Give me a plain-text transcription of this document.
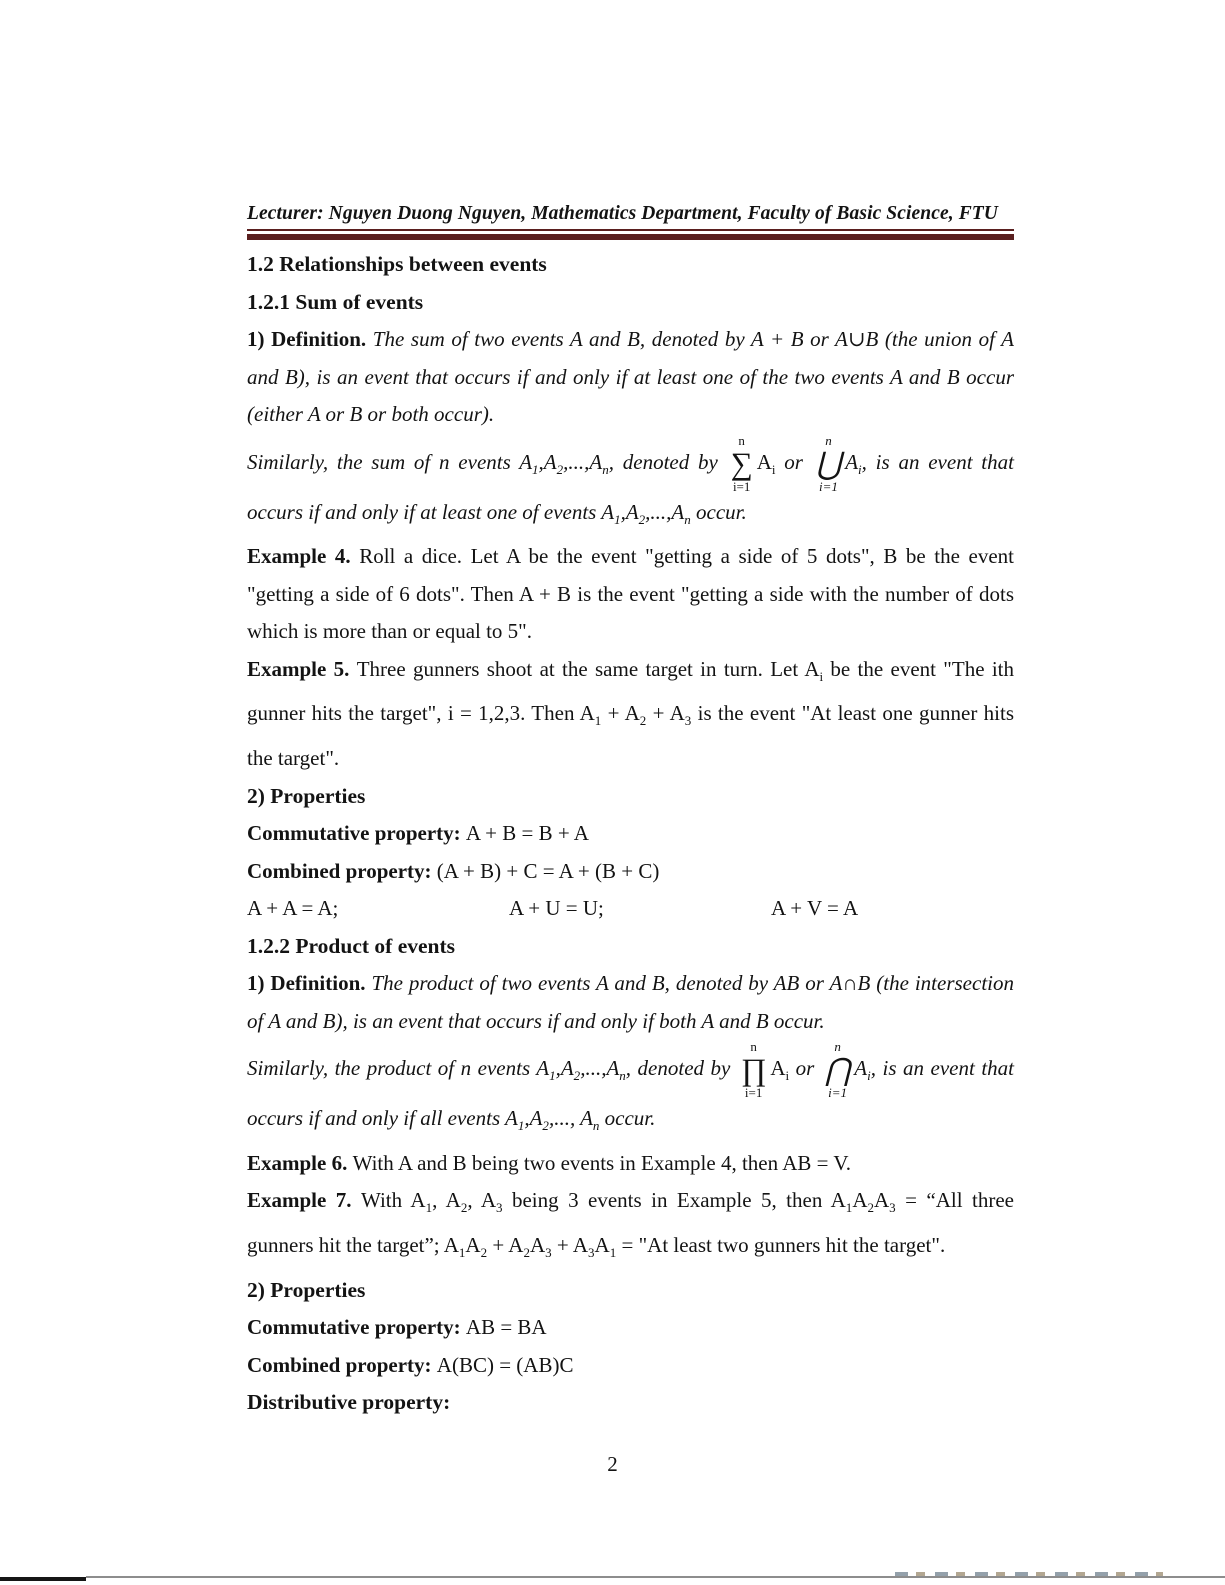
Lecturer: Nguyen Duong Nguyen, Mathematics Department, Faculty of Basic Science, FTU
1.2 Relationships between events
1.2.1 Sum of events
1) Definition. The sum of two events A and B, denoted by A + B or A∪B (the union of A and B), is an event that occurs if and only if at least one of the two events A and B occur (either A or B or both occur).
Similarly, the sum of n events $A_1,A_2,...,A_n$, denoted by
n
∑
i=1
$A_i$ or
n
⋃
i=1
$A_i$, is an event that occurs if and only if at least one of events $A_1,A_2,...,A_n$ occur.
Example 4. Roll a dice. Let A be the event "getting a side of 5 dots", B be the event "getting a side of 6 dots". Then A + B is the event "getting a side with the number of dots which is more than or equal to 5".
Example 5. Three gunners shoot at the same target in turn. Let $A_i$ be the event "The ith gunner hits the target", i = 1,2,3. Then $A_1 + A_2 + A_3$ is the event "At least one gunner hits the target".
2) Properties
Commutative property: A + B = B + A
Combined property: (A + B) + C = A + (B + C)
A + A = A;	A + U = U;	A + V = A
1.2.2 Product of events
1) Definition. The product of two events A and B, denoted by AB or A∩B (the intersection of A and B), is an event that occurs if and only if both A and B occur.
Similarly, the product of n events $A_1,A_2,...,A_n$, denoted by
n
∏
i=1
$A_i$ or
n
⋂
i=1
$A_i$, is an event that occurs if and only if all events $A_1,A_2$,..., $A_n$ occur.
Example 6. With A and B being two events in Example 4, then AB = V.
Example 7. With $A_1$, $A_2$, $A_3$ being 3 events in Example 5, then $A_1A_2A_3$ = “All three gunners hit the target”; $A_1A_2 + A_2A_3 + A_3A_1$ = "At least two gunners hit the target".
2) Properties
Commutative property: AB = BA
Combined property: A(BC) = (AB)C
Distributive property:
2
